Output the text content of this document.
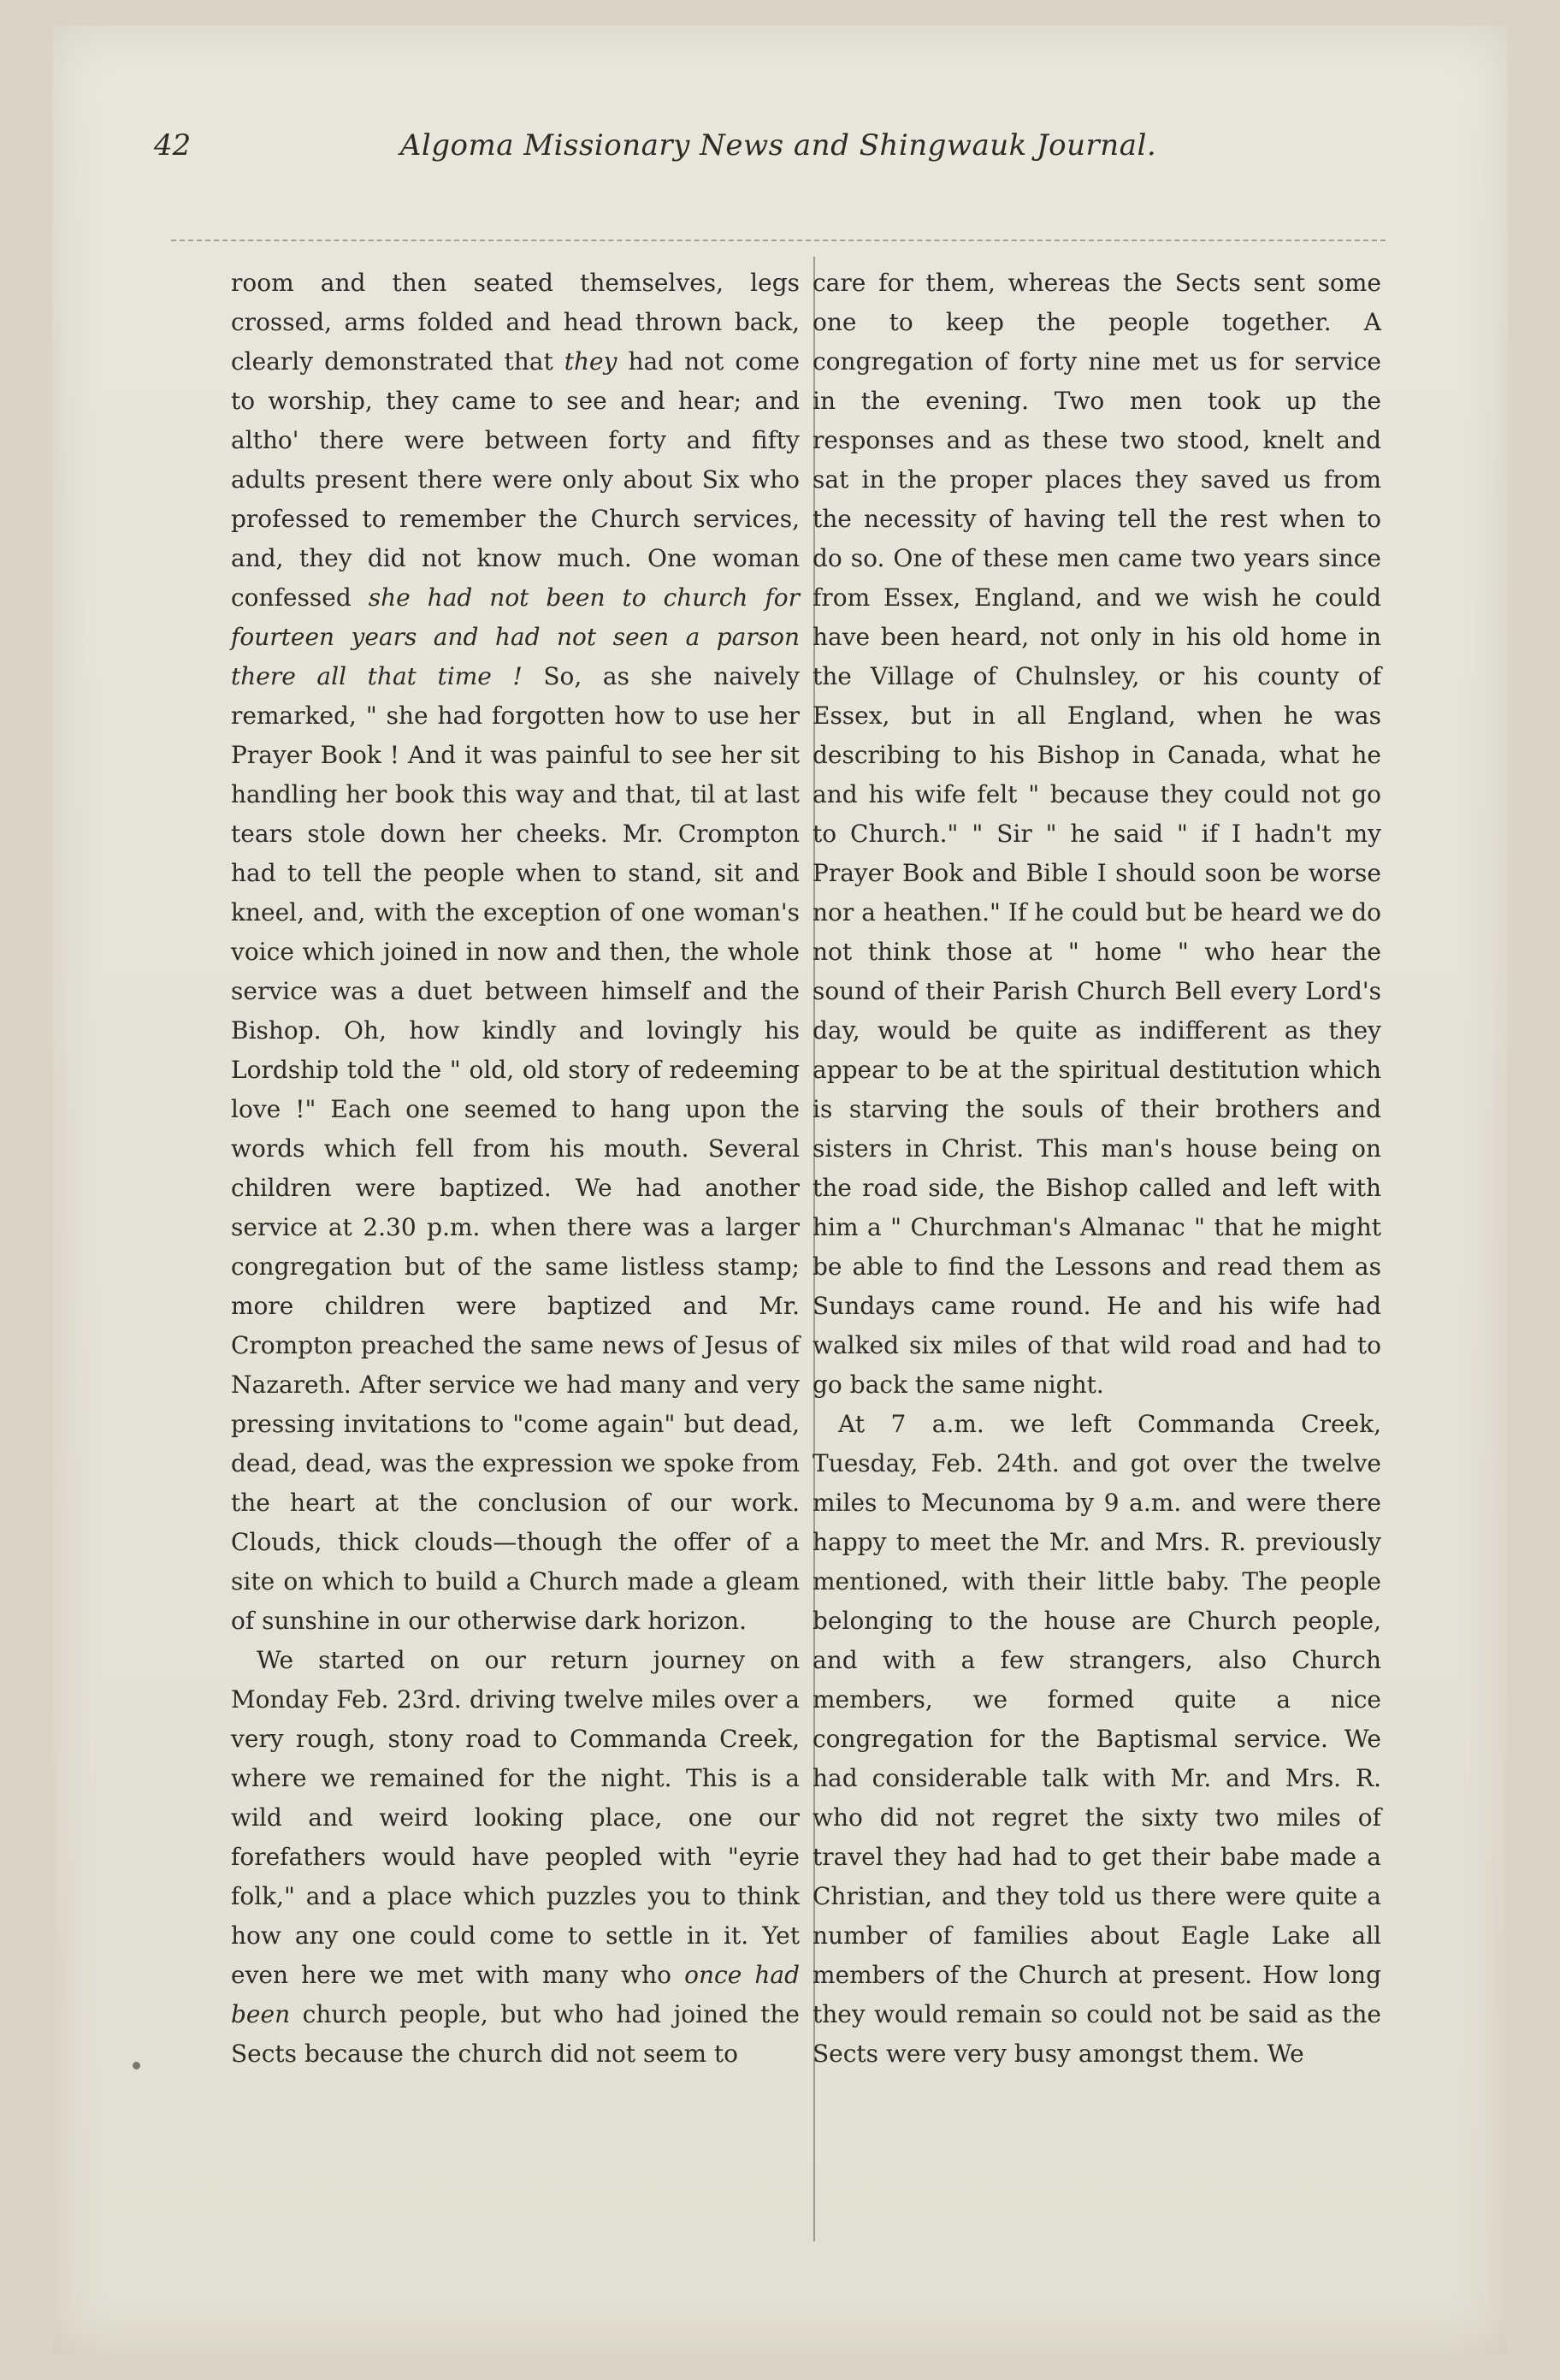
42	Algoma Missionary News and Shingwauk Journal.

room and then seated themselves, legs crossed, arms folded and head thrown back, clearly demonstrated that they had not come to worship, they came to see and hear; and altho' there were between forty and fifty adults present there were only about Six who professed to remember the Church services, and, they did not know much. One woman confessed she had not been to church for fourteen years and had not seen a parson there all that time ! So, as she naively remarked, " she had forgotten how to use her Prayer Book ! And it was painful to see her sit handling her book this way and that, til at last tears stole down her cheeks. Mr. Crompton had to tell the people when to stand, sit and kneel, and, with the exception of one woman's voice which joined in now and then, the whole service was a duet between himself and the Bishop. Oh, how kindly and lovingly his Lordship told the " old, old story of redeeming love !" Each one seemed to hang upon the words which fell from his mouth. Several children were baptized. We had another service at 2.30 p.m. when there was a larger congregation but of the same listless stamp; more children were baptized and Mr. Crompton preached the same news of Jesus of Nazareth. After service we had many and very pressing invitations to "come again" but dead, dead, dead, was the expression we spoke from the heart at the conclusion of our work. Clouds, thick clouds—though the offer of a site on which to build a Church made a gleam of sunshine in our otherwise dark horizon.

We started on our return journey on Monday Feb. 23rd. driving twelve miles over a very rough, stony road to Commanda Creek, where we remained for the night. This is a wild and weird looking place, one our forefathers would have peopled with "eyrie folk," and a place which puzzles you to think how any one could come to settle in it. Yet even here we met with many who once had been church people, but who had joined the Sects because the church did not seem to

care for them, whereas the Sects sent some one to keep the people together. A congregation of forty nine met us for service in the evening. Two men took up the responses and as these two stood, knelt and sat in the proper places they saved us from the necessity of having tell the rest when to do so. One of these men came two years since from Essex, England, and we wish he could have been heard, not only in his old home in the Village of Chulnsley, or his county of Essex, but in all England, when he was describing to his Bishop in Canada, what he and his wife felt " because they could not go to Church." " Sir " he said " if I hadn't my Prayer Book and Bible I should soon be worse nor a heathen." If he could but be heard we do not think those at " home " who hear the sound of their Parish Church Bell every Lord's day, would be quite as indifferent as they appear to be at the spiritual destitution which is starving the souls of their brothers and sisters in Christ. This man's house being on the road side, the Bishop called and left with him a " Churchman's Almanac " that he might be able to find the Lessons and read them as Sundays came round. He and his wife had walked six miles of that wild road and had to go back the same night.

At 7 a.m. we left Commanda Creek, Tuesday, Feb. 24th. and got over the twelve miles to Mecunoma by 9 a.m. and were there happy to meet the Mr. and Mrs. R. previously mentioned, with their little baby. The people belonging to the house are Church people, and with a few strangers, also Church members, we formed quite a nice congregation for the Baptismal service. We had considerable talk with Mr. and Mrs. R. who did not regret the sixty two miles of travel they had had to get their babe made a Christian, and they told us there were quite a number of families about Eagle Lake all members of the Church at present. How long they would remain so could not be said as the Sects were very busy amongst them. We
